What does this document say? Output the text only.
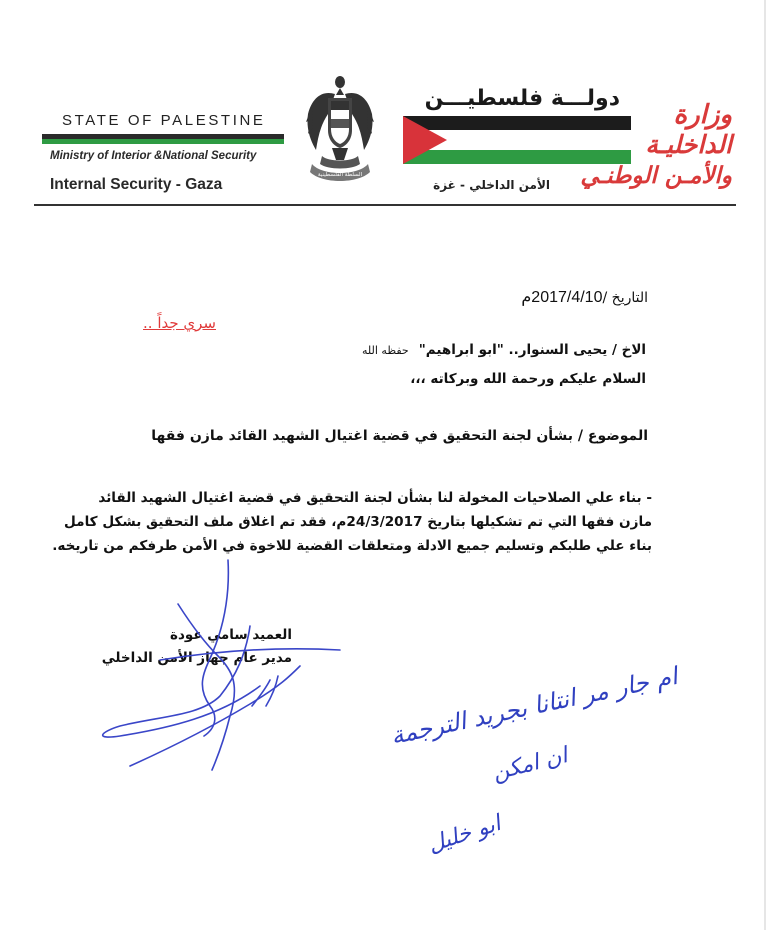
STATE OF PALESTINE
Ministry of Interior &National Security
Internal Security - Gaza
السلطة الفلسطينية
دولـــة فلسطيـــن
وزارة
الداخليـة
والأمـن الوطنـي
الأمن الداخلي - غزة
التاريخ /2017/4/10م
سري جداً ..
الاخ / يحيى السنوار.. "ابو ابراهيم"حفظه الله
السلام عليكم ورحمة الله وبركاته ،،،
الموضوع / بشأن لجنة التحقيق في قضية اغتيال الشهيد القائد مازن فقها
- بناء علي الصلاحيات المخولة لنا بشأن لجنة التحقيق في قضية اغتيال الشهيد القائد
مازن فقها التي تم تشكيلها بتاريخ 24/3/2017م، فقد تم اغلاق ملف التحقيق بشكل كامل
بناء علي طلبكم وتسليم جميع الادلة ومتعلقات القضية للاخوة في الأمن طرفكم من تاريخه.
العميد سامي عودة
مدير عام جهاز الأمن الداخلي
ام جار مر انتانا بجريد الترجمة
ان امكن
ابو خليل
